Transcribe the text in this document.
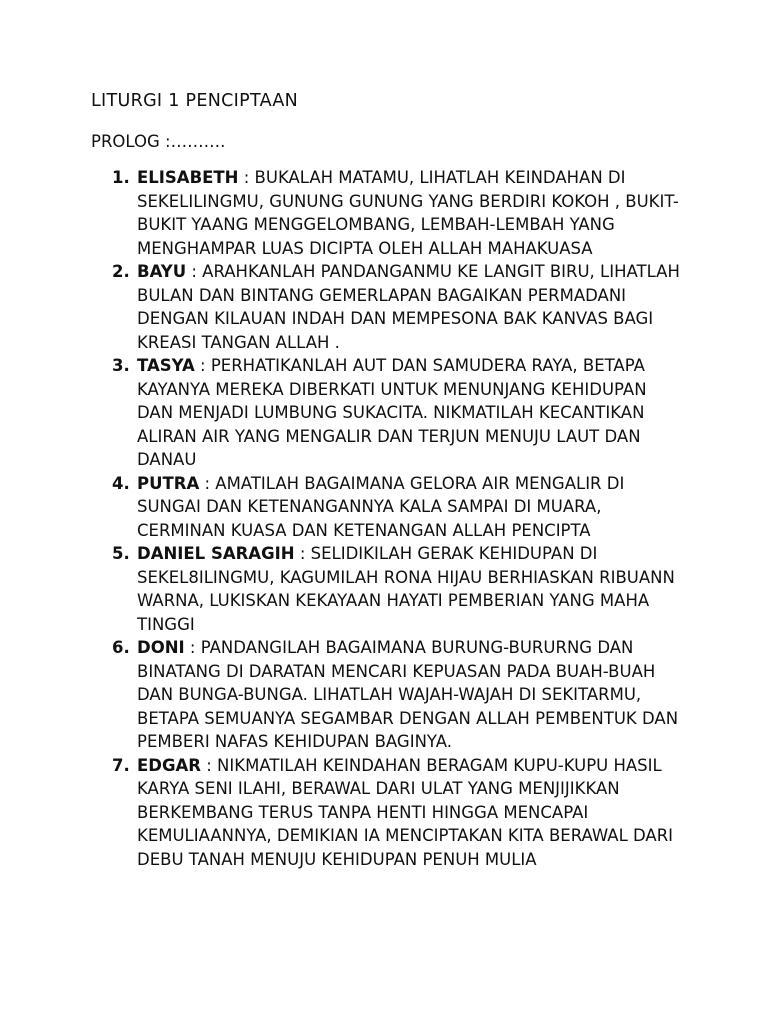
LITURGI 1 PENCIPTAAN
PROLOG :……….
1. ELISABETH : BUKALAH MATAMU, LIHATLAH KEINDAHAN DI SEKELILINGMU, GUNUNG GUNUNG YANG BERDIRI KOKOH , BUKIT-BUKIT YAANG MENGGELOMBANG, LEMBAH-LEMBAH YANG MENGHAMPAR LUAS DICIPTA OLEH ALLAH MAHAKUASA
2. BAYU : ARAHKANLAH PANDANGANMU KE LANGIT BIRU, LIHATLAH BULAN DAN BINTANG GEMERLAPAN BAGAIKAN PERMADANI DENGAN KILAUAN INDAH DAN MEMPESONA BAK KANVAS BAGI KREASI TANGAN ALLAH .
3. TASYA : PERHATIKANLAH AUT DAN SAMUDERA RAYA, BETAPA KAYANYA MEREKA DIBERKATI UNTUK MENUNJANG KEHIDUPAN DAN MENJADI LUMBUNG SUKACITA. NIKMATILAH KECANTIKAN ALIRAN AIR YANG MENGALIR DAN TERJUN MENUJU LAUT DAN DANAU
4. PUTRA : AMATILAH BAGAIMANA GELORA AIR MENGALIR DI SUNGAI DAN KETENANGANNYA KALA SAMPAI DI MUARA, CERMINAN KUASA DAN KETENANGAN ALLAH PENCIPTA
5. DANIEL SARAGIH : SELIDIKILAH GERAK KEHIDUPAN DI SEKEL8ILINGMU, KAGUMILAH RONA HIJAU BERHIASKAN RIBUANN WARNA, LUKISKAN KEKAYAAN HAYATI PEMBERIAN YANG MAHA TINGGI
6. DONI : PANDANGILAH BAGAIMANA BURUNG-BURURNG DAN BINATANG DI DARATAN MENCARI KEPUASAN PADA BUAH-BUAH DAN BUNGA-BUNGA. LIHATLAH WAJAH-WAJAH DI SEKITARMU, BETAPA SEMUANYA SEGAMBAR DENGAN ALLAH PEMBENTUK DAN PEMBERI NAFAS KEHIDUPAN BAGINYA.
7. EDGAR : NIKMATILAH KEINDAHAN BERAGAM KUPU-KUPU HASIL KARYA SENI ILAHI, BERAWAL DARI ULAT YANG MENJIJIKKAN BERKEMBANG TERUS TANPA HENTI HINGGA MENCAPAI KEMULIAANNYA, DEMIKIAN IA MENCIPTAKAN KITA BERAWAL DARI DEBU TANAH MENUJU KEHIDUPAN PENUH MULIA
